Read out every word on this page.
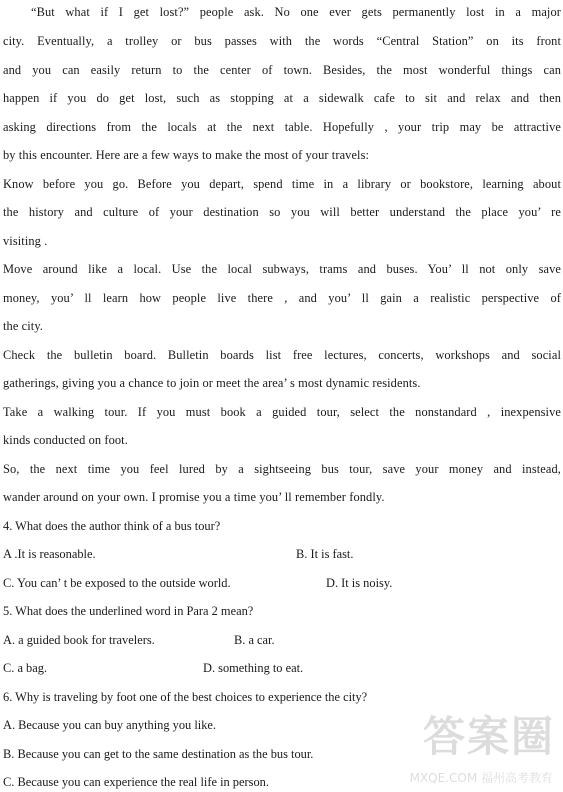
“But what if I get lost?” people ask. No one ever gets permanently lost in a major
city. Eventually, a trolley or bus passes with the words “Central Station” on its front
and you can easily return to the center of town. Besides, the most wonderful things can
happen if you do get lost, such as stopping at a sidewalk cafe to sit and relax and then
asking directions from the locals at the next table. Hopefully , your trip may be attractive
by this encounter. Here are a few ways to make the most of your travels:
Know before you go. Before you depart, spend time in a library or bookstore, learning about
the history and culture of your destination so you will better understand the place you’ re
visiting .
Move around like a local. Use the local subways, trams and buses. You’ ll not only save
money, you’ ll learn how people live there , and you’ ll gain a realistic perspective of
the city.
Check the bulletin board. Bulletin boards list free lectures, concerts, workshops and social
gatherings, giving you a chance to join or meet the area’ s most dynamic residents.
Take a walking tour. If you must book a guided tour, select the nonstandard , inexpensive
kinds conducted on foot.
So, the next time you feel lured by a sightseeing bus tour, save your money and instead,
wander around on your own. I promise you a time you’ ll remember fondly.
4. What does the author think of a bus tour?
A .It is reasonable.	B. It is fast.
C. You can’ t be exposed to the outside world.	D. It is noisy.
5. What does the underlined word in Para 2 mean?
A. a guided book for travelers.	B. a car.
C. a bag.	D. something to eat.
6. Why is traveling by foot one of the best choices to experience the city?
A. Because you can buy anything you like.
B. Because you can get to the same destination as the bus tour.
C. Because you can experience the real life in person.
答案圈
MXQE.COM 福州高考教育
